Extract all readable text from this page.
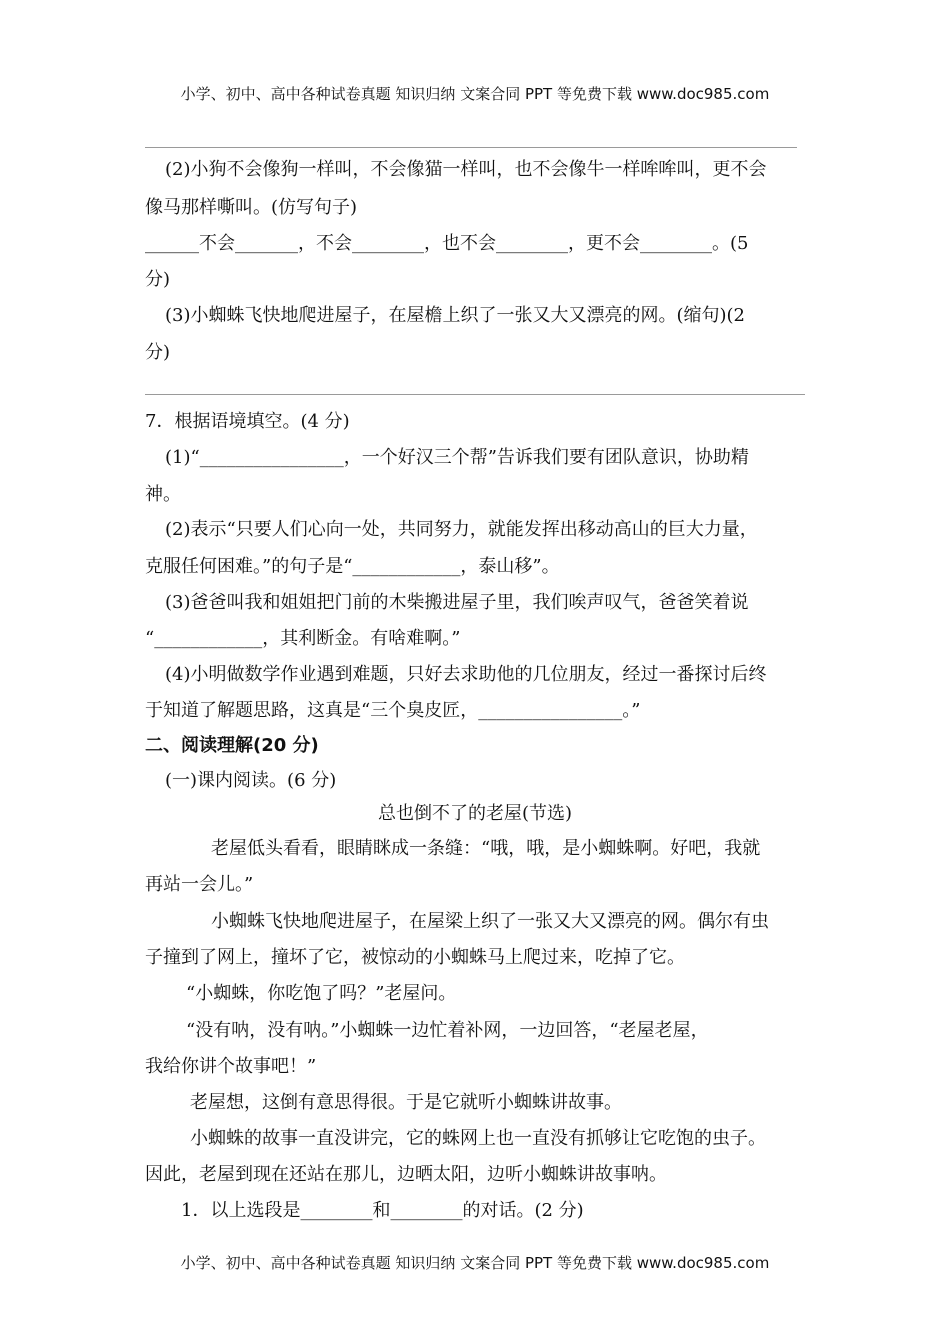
小学、初中、高中各种试卷真题 知识归纳 文案合同 PPT 等免费下载 www.doc985.com
(2)小狗不会像狗一样叫，不会像猫一样叫，也不会像牛一样哞哞叫，更不会
像马那样嘶叫。(仿写句子)
______不会_______，不会________，也不会________，更不会________。(5
分)
(3)小蜘蛛飞快地爬进屋子，在屋檐上织了一张又大又漂亮的网。(缩句)(2
分)
7．根据语境填空。(4 分)
(1)“________________，一个好汉三个帮”告诉我们要有团队意识，协助精
神。
(2)表示“只要人们心向一处，共同努力，就能发挥出移动高山的巨大力量，
克服任何困难。”的句子是“____________，泰山移”。
(3)爸爸叫我和姐姐把门前的木柴搬进屋子里，我们唉声叹气，爸爸笑着说
“____________，其利断金。有啥难啊。”
(4)小明做数学作业遇到难题，只好去求助他的几位朋友，经过一番探讨后终
于知道了解题思路，这真是“三个臭皮匠，________________。”
二、阅读理解(20 分)
(一)课内阅读。(6 分)
总也倒不了的老屋(节选)
老屋低头看看，眼睛眯成一条缝：“哦，哦，是小蜘蛛啊。好吧，我就
再站一会儿。”
小蜘蛛飞快地爬进屋子，在屋梁上织了一张又大又漂亮的网。偶尔有虫
子撞到了网上，撞坏了它，被惊动的小蜘蛛马上爬过来，吃掉了它。
“小蜘蛛，你吃饱了吗？”老屋问。
“没有呐，没有呐。”小蜘蛛一边忙着补网，一边回答，“老屋老屋，
我给你讲个故事吧！”
老屋想，这倒有意思得很。于是它就听小蜘蛛讲故事。
小蜘蛛的故事一直没讲完，它的蛛网上也一直没有抓够让它吃饱的虫子。
因此，老屋到现在还站在那儿，边晒太阳，边听小蜘蛛讲故事呐。
1．以上选段是________和________的对话。(2 分)
小学、初中、高中各种试卷真题 知识归纳 文案合同 PPT 等免费下载 www.doc985.com
